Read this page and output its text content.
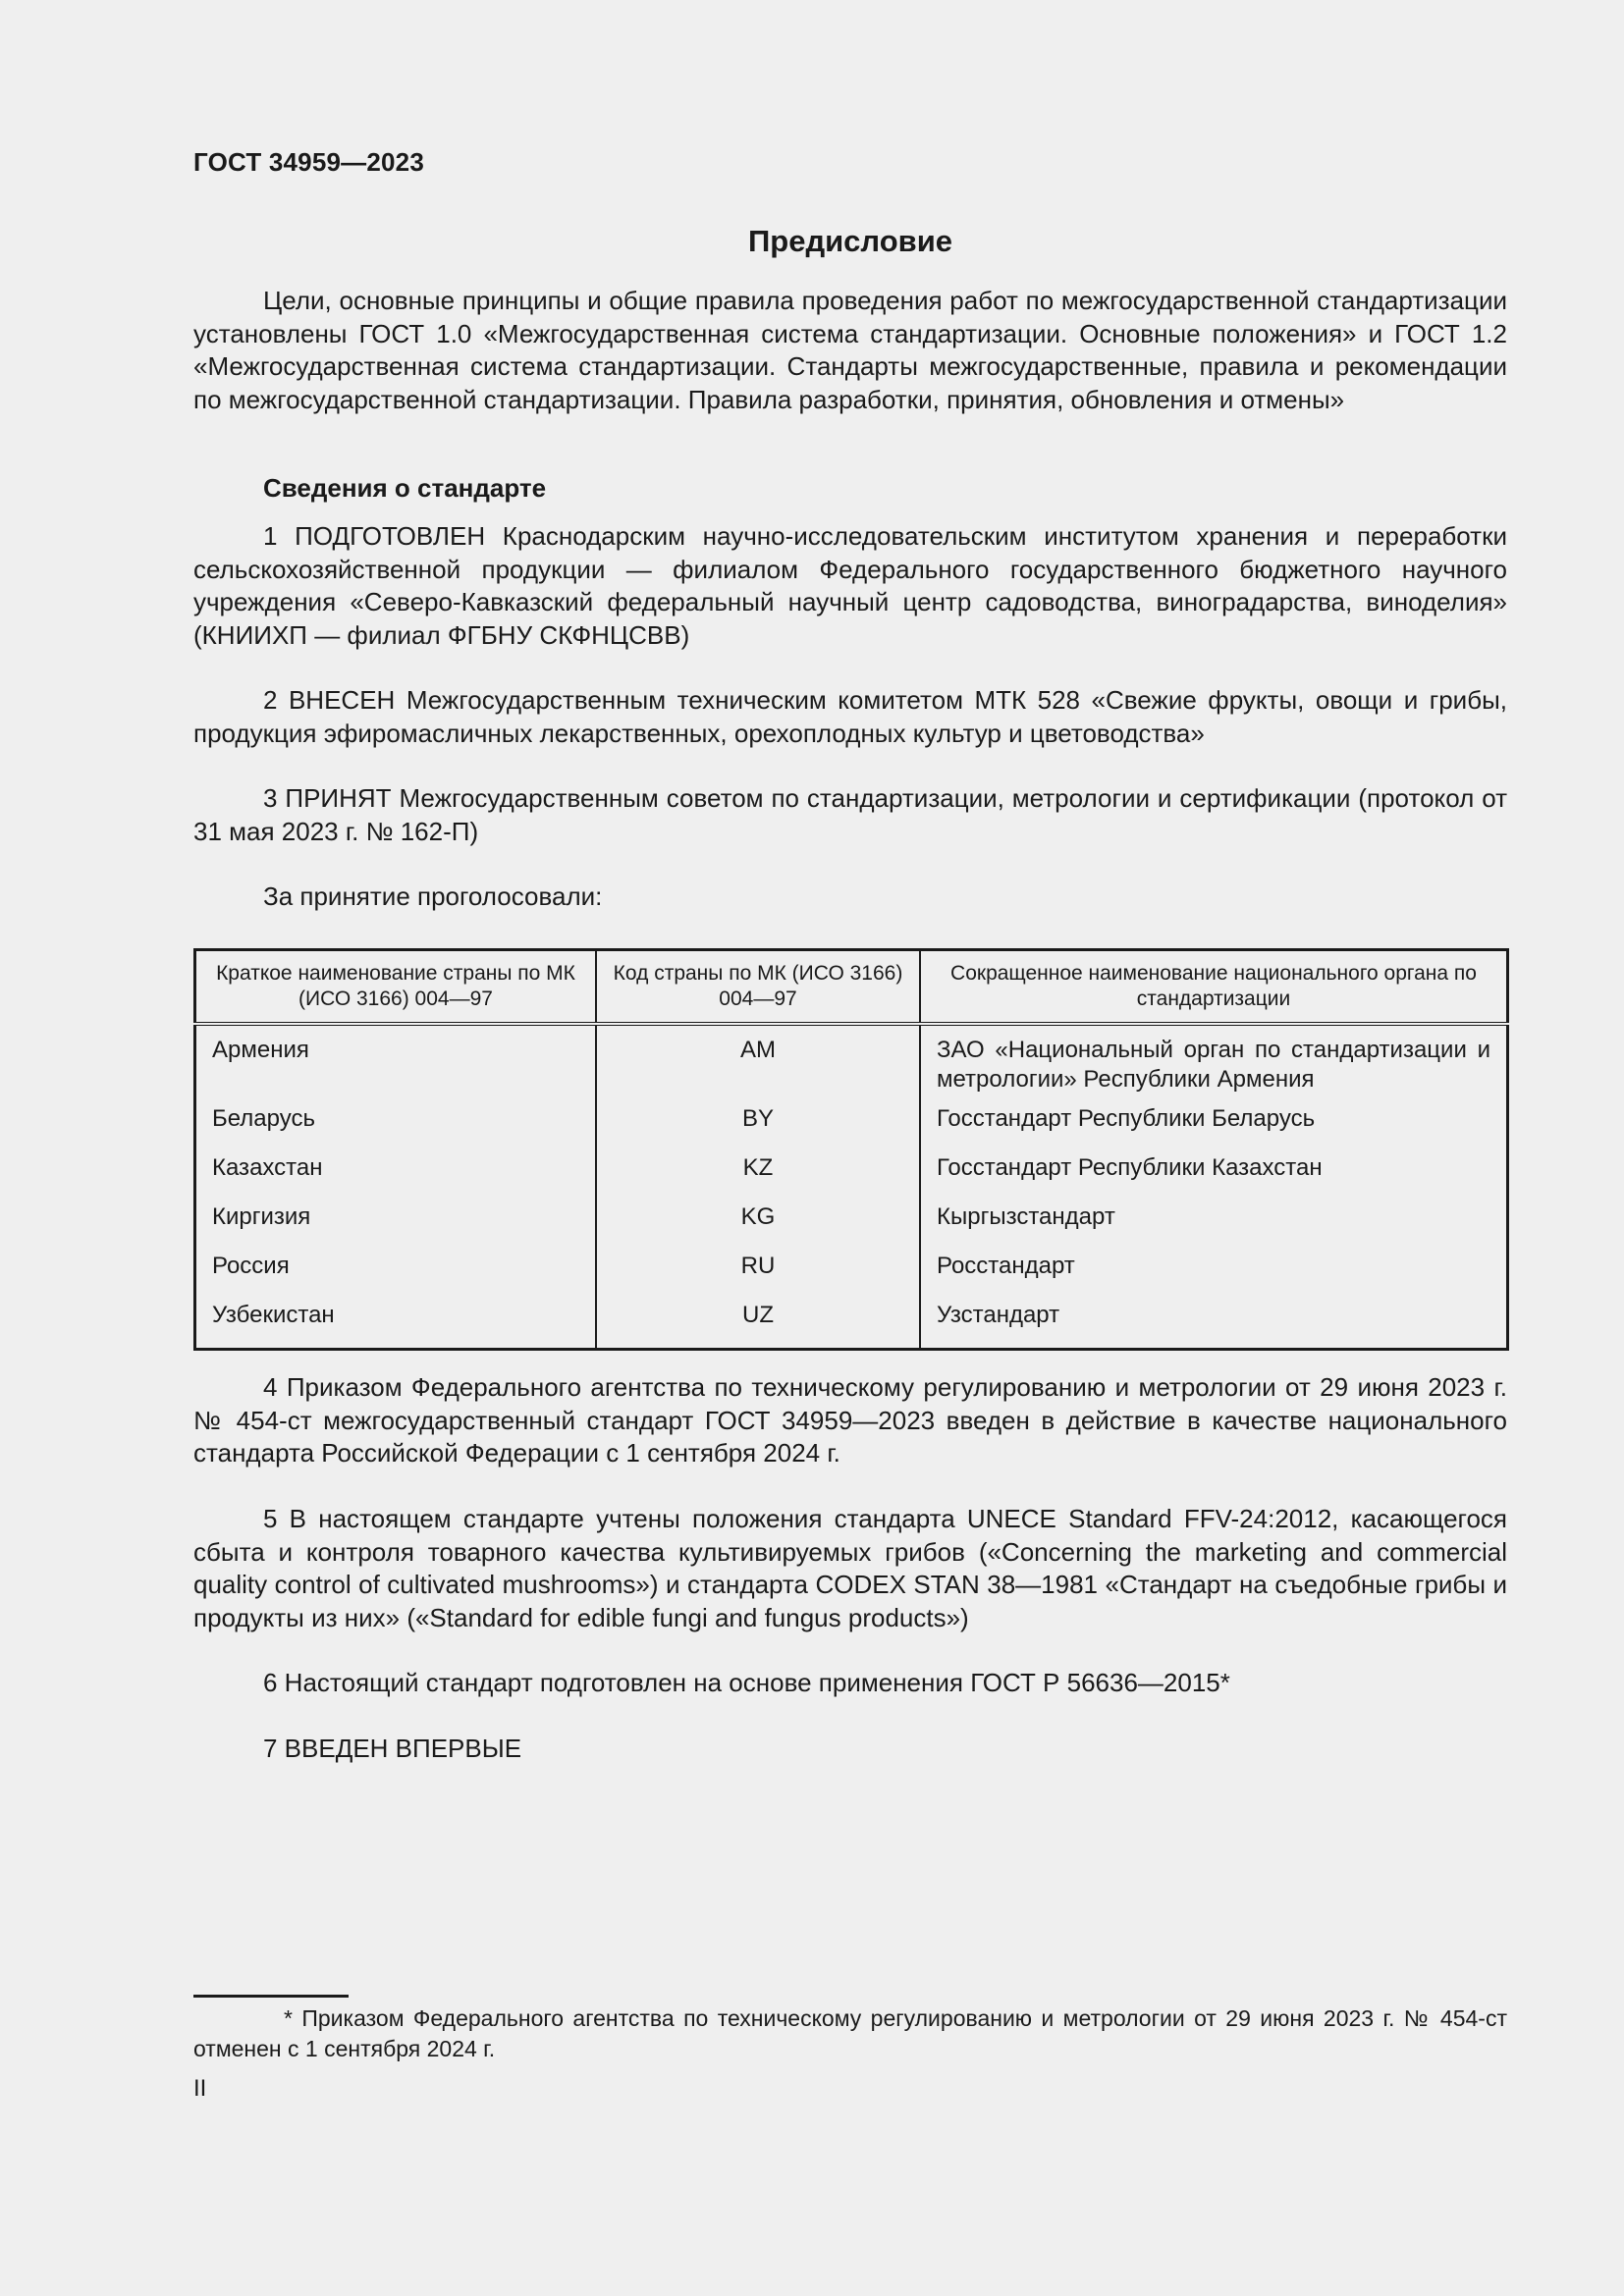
ГОСТ 34959—2023
Предисловие
Цели, основные принципы и общие правила проведения работ по межгосударственной стандартизации установлены ГОСТ 1.0 «Межгосударственная система стандартизации. Основные положения» и ГОСТ 1.2 «Межгосударственная система стандартизации. Стандарты межгосударственные, правила и рекомендации по межгосударственной стандартизации. Правила разработки, принятия, обновления и отмены»
Сведения о стандарте
1 ПОДГОТОВЛЕН Краснодарским научно-исследовательским институтом хранения и переработки сельскохозяйственной продукции — филиалом Федерального государственного бюджетного научного учреждения «Северо-Кавказский федеральный научный центр садоводства, виноградарства, виноделия» (КНИИХП — филиал ФГБНУ СКФНЦСВВ)
2 ВНЕСЕН Межгосударственным техническим комитетом МТК 528 «Свежие фрукты, овощи и грибы, продукция эфиромасличных лекарственных, орехоплодных культур и цветоводства»
3 ПРИНЯТ Межгосударственным советом по стандартизации, метрологии и сертификации (протокол от 31 мая 2023 г. № 162-П)
За принятие проголосовали:
Краткое наименование страны по МК (ИСО 3166) 004—97	Код страны по МК (ИСО 3166) 004—97	Сокращенное наименование национального органа по стандартизации
Армения	AM	ЗАО «Национальный орган по стандартизации и метрологии» Республики Армения
Беларусь	BY	Госстандарт Республики Беларусь
Казахстан	KZ	Госстандарт Республики Казахстан
Киргизия	KG	Кыргызстандарт
Россия	RU	Росстандарт
Узбекистан	UZ	Узстандарт
4 Приказом Федерального агентства по техническому регулированию и метрологии от 29 июня 2023 г. № 454-ст межгосударственный стандарт ГОСТ 34959—2023 введен в действие в качестве национального стандарта Российской Федерации с 1 сентября 2024 г.
5 В настоящем стандарте учтены положения стандарта UNECE Standard FFV-24:2012, касающегося сбыта и контроля товарного качества культивируемых грибов («Concerning the marketing and commercial quality control of cultivated mushrooms») и стандарта CODEX STAN 38—1981 «Стандарт на съедобные грибы и продукты из них» («Standard for edible fungi and fungus products»)
6 Настоящий стандарт подготовлен на основе применения ГОСТ Р 56636—2015*
7 ВВЕДЕН ВПЕРВЫЕ
* Приказом Федерального агентства по техническому регулированию и метрологии от 29 июня 2023 г. № 454-ст отменен с 1 сентября 2024 г.
II
